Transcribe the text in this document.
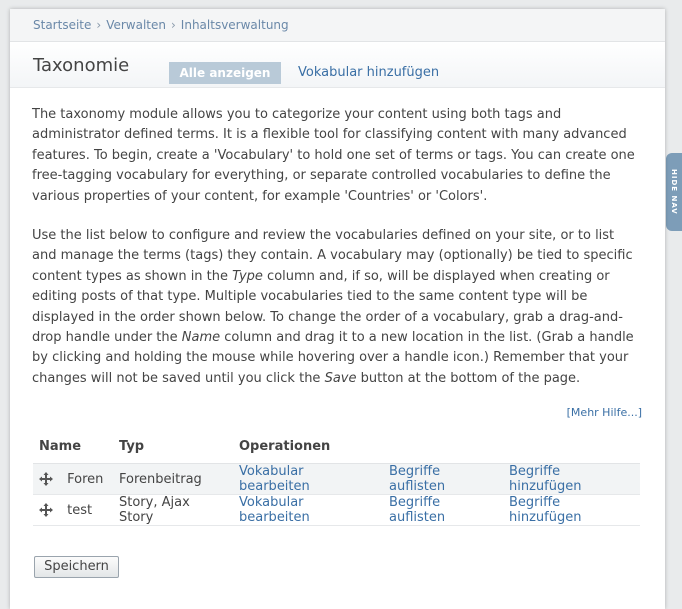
HIDE NAV
Startseite › Verwalten › Inhaltsverwaltung
Taxonomie	Alle anzeigen	Vokabular hinzufügen

The taxonomy module allows you to categorize your content using both tags and administrator defined terms. It is a flexible tool for classifying content with many advanced features. To begin, create a 'Vocabulary' to hold one set of terms or tags. You can create one free-tagging vocabulary for everything, or separate controlled vocabularies to define the various properties of your content, for example 'Countries' or 'Colors'.

Use the list below to configure and review the vocabularies defined on your site, or to list and manage the terms (tags) they contain. A vocabulary may (optionally) be tied to specific content types as shown in the Type column and, if so, will be displayed when creating or editing posts of that type. Multiple vocabularies tied to the same content type will be displayed in the order shown below. To change the order of a vocabulary, grab a drag-and-drop handle under the Name column and drag it to a new location in the list. (Grab a handle by clicking and holding the mouse while hovering over a handle icon.) Remember that your changes will not be saved until you click the Save button at the bottom of the page.

[Mehr Hilfe...]
Name	Typ	Operationen		
Foren	Forenbeitrag	Vokabular bearbeiten	Begriffe auflisten	Begriffe hinzufügen
test	Story, Ajax Story	Vokabular bearbeiten	Begriffe auflisten	Begriffe hinzufügen
Speichern
